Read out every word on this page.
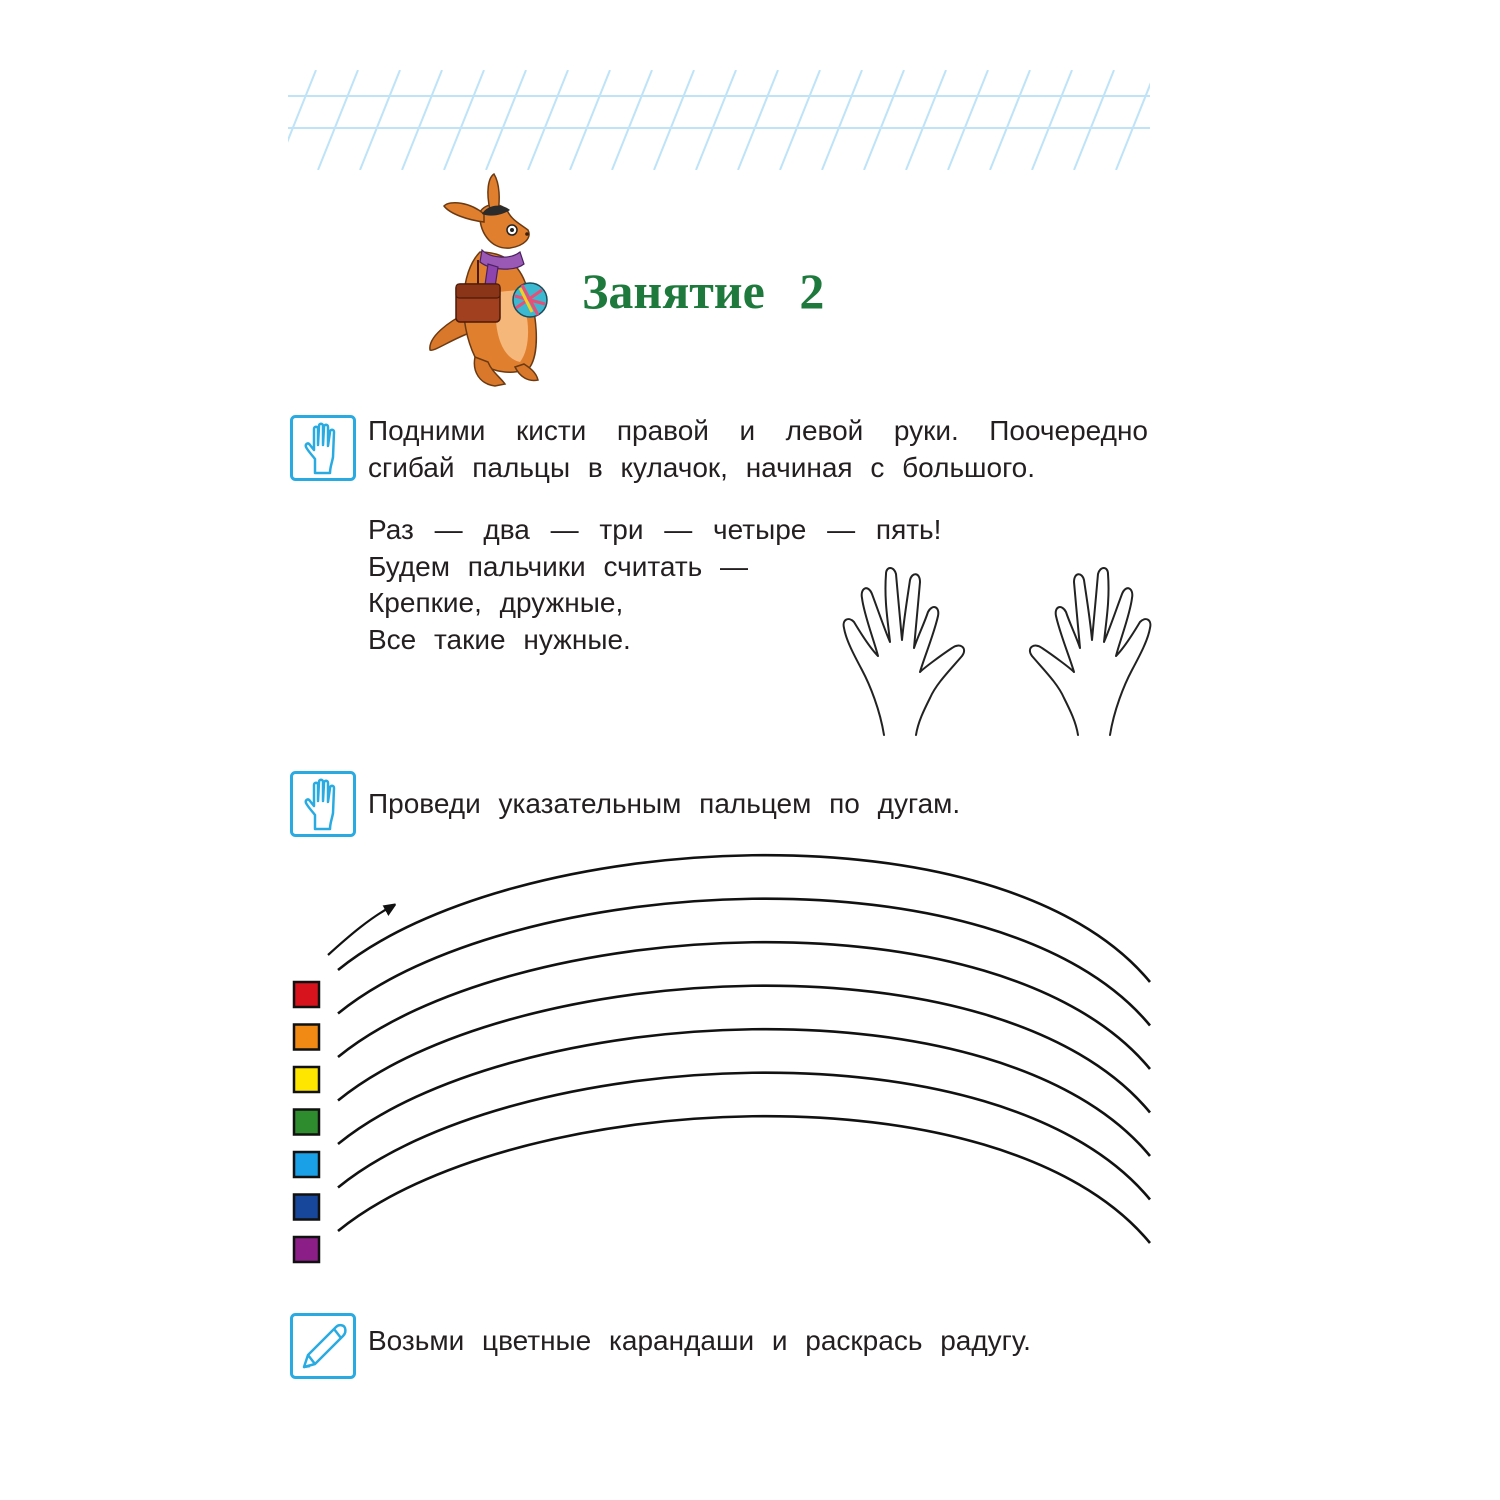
Занятие 2
Подними кисти правой и левой руки. Поочередно
сгибай пальцы в кулачок, начиная с большого.
Раз — два — три — четыре — пять!
Будем пальчики считать —
Крепкие, дружные,
Все такие нужные.
Проведи указательным пальцем по дугам.
Возьми цветные карандаши и раскрась радугу.
